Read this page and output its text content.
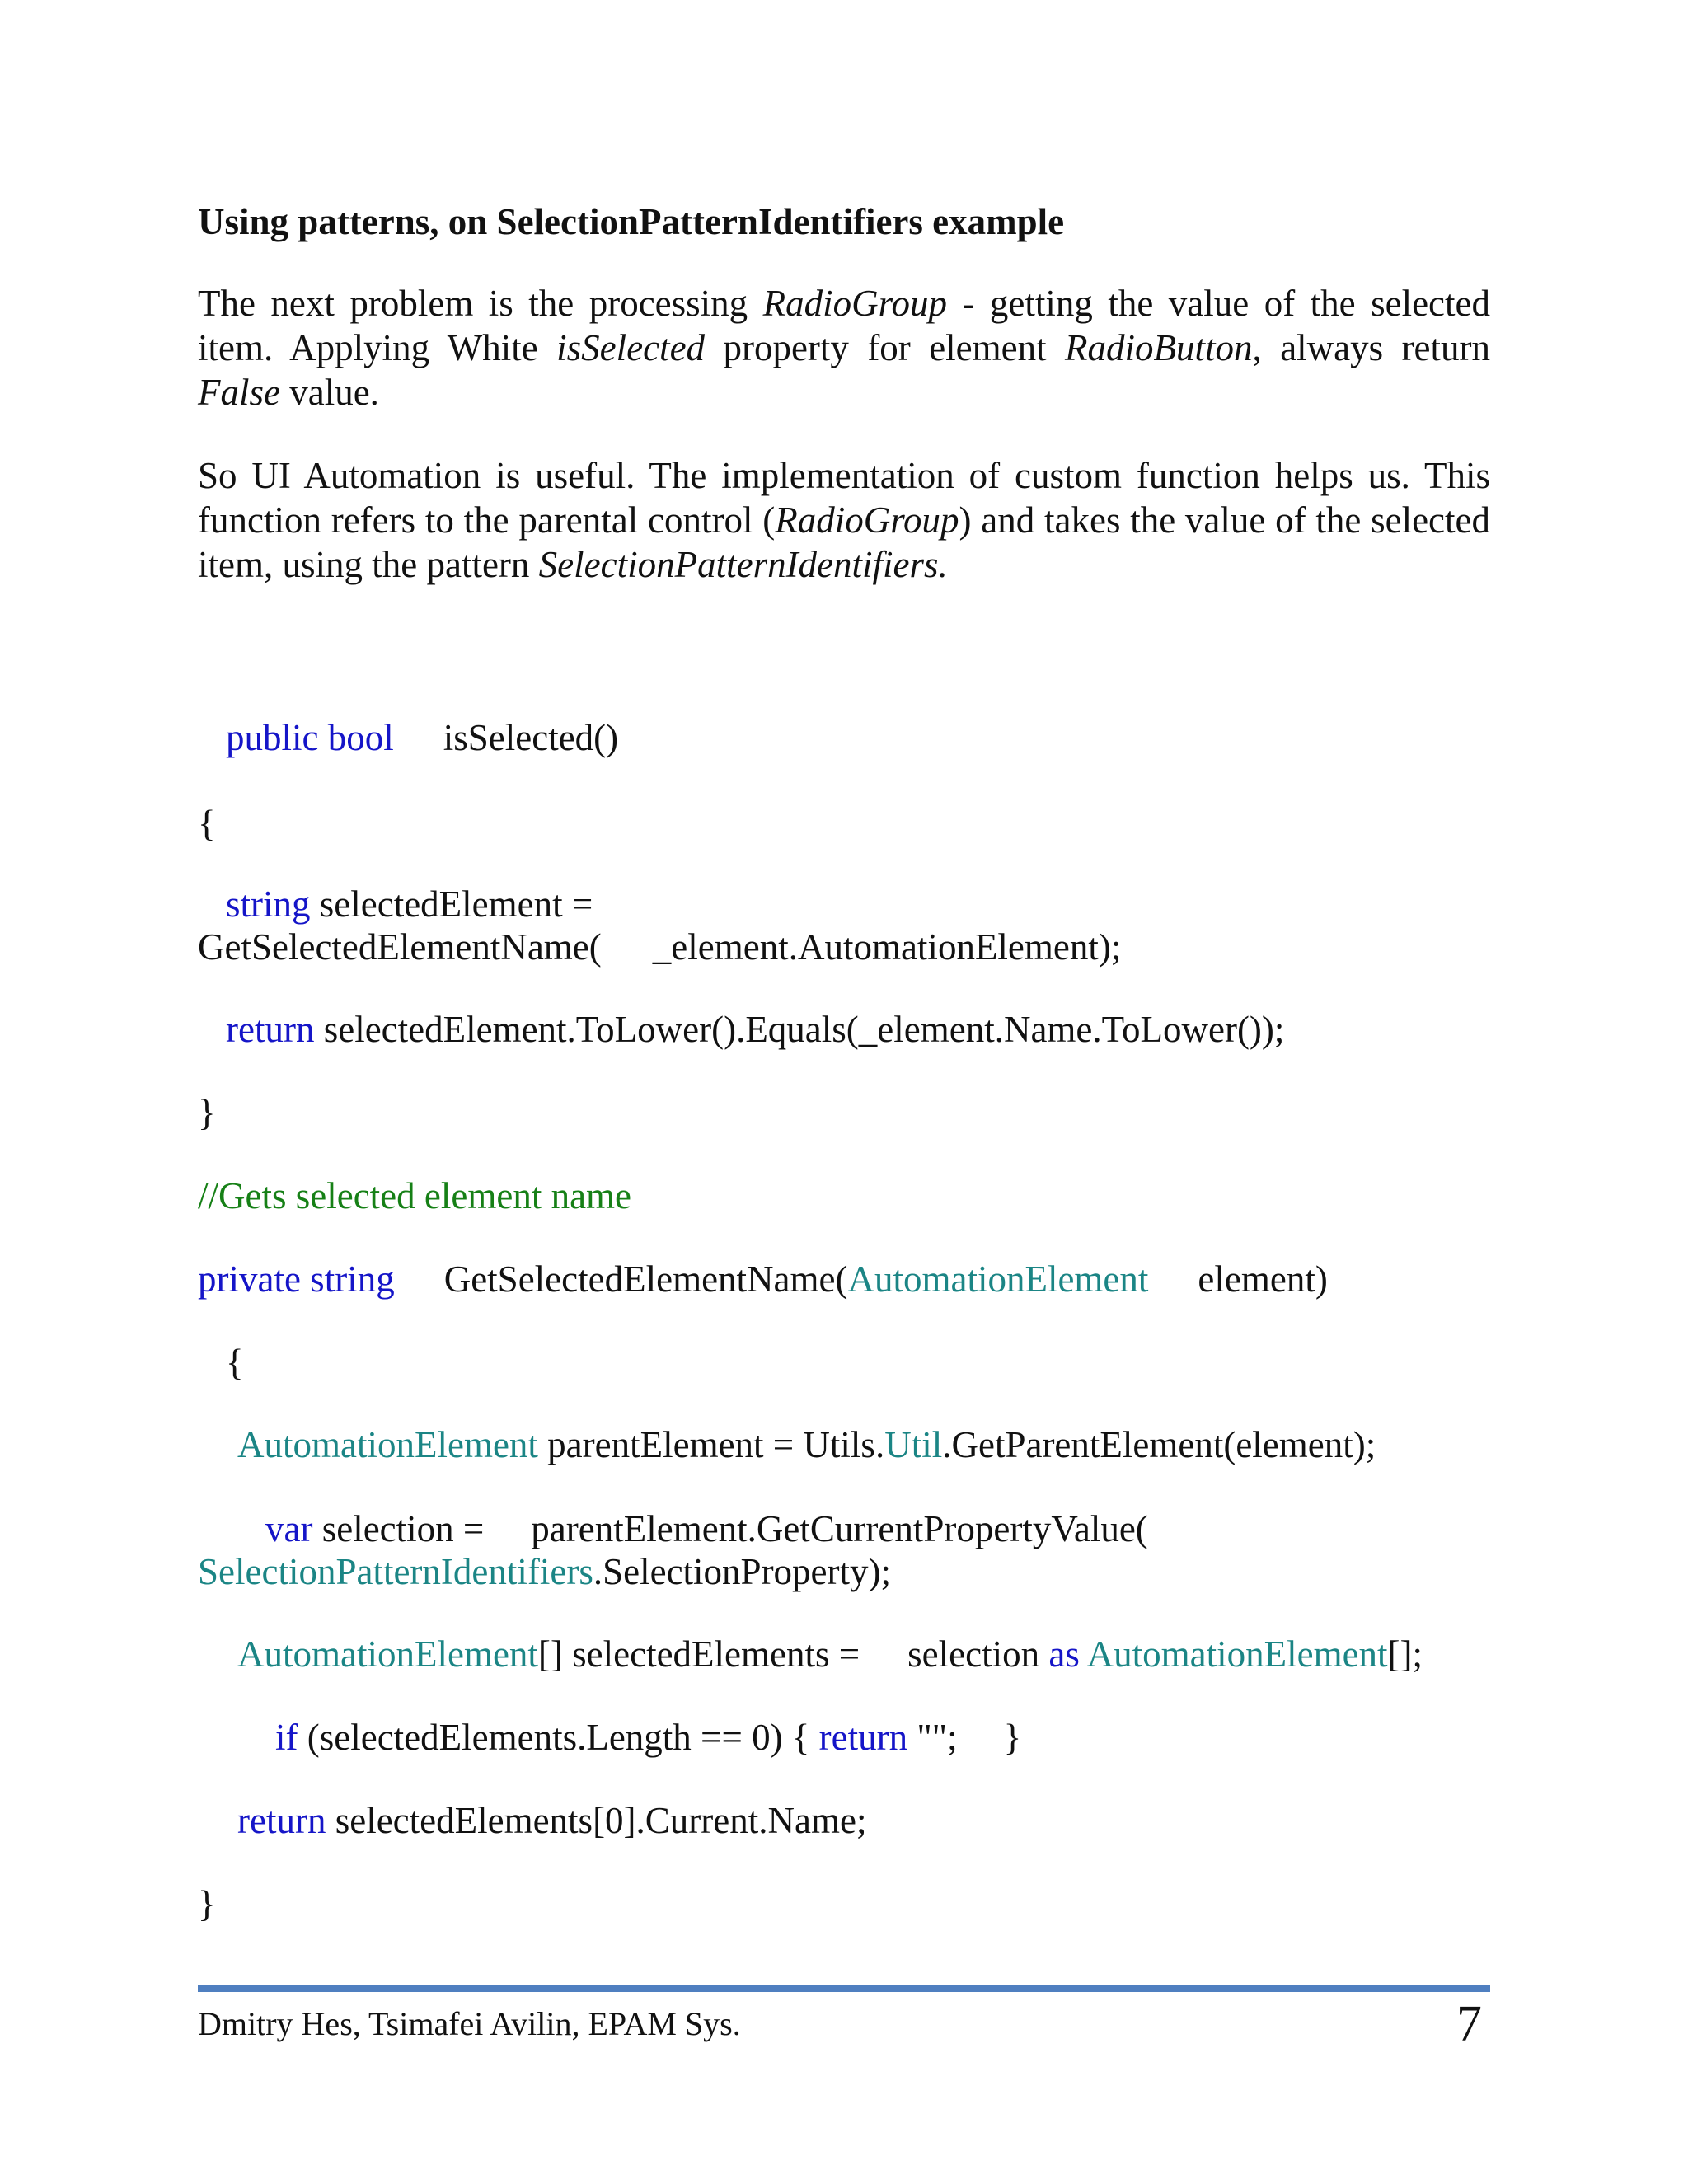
Using patterns, on SelectionPatternIdentifiers example
The next problem is the processing RadioGroup - getting the value of the selected item. Applying White isSelected property for element RadioButton, always return False value.
So UI Automation is useful. The implementation of custom function helps us. This function refers to the parental control (RadioGroup) and takes the value of the selected item, using the pattern SelectionPatternIdentifiers.
public bool isSelected()
{
string selectedElement =
GetSelectedElementName( _element.AutomationElement);
return selectedElement.ToLower().Equals(_element.Name.ToLower());
}
//Gets selected element name
private string GetSelectedElementName(AutomationElement element)
{
AutomationElement parentElement = Utils.Util.GetParentElement(element);
var selection = parentElement.GetCurrentPropertyValue(
SelectionPatternIdentifiers.SelectionProperty);
AutomationElement[] selectedElements = selection as AutomationElement[];
if (selectedElements.Length == 0) { return ""; }
return selectedElements[0].Current.Name;
}
Dmitry Hes, Tsimafei Avilin, EPAM Sys.	7
